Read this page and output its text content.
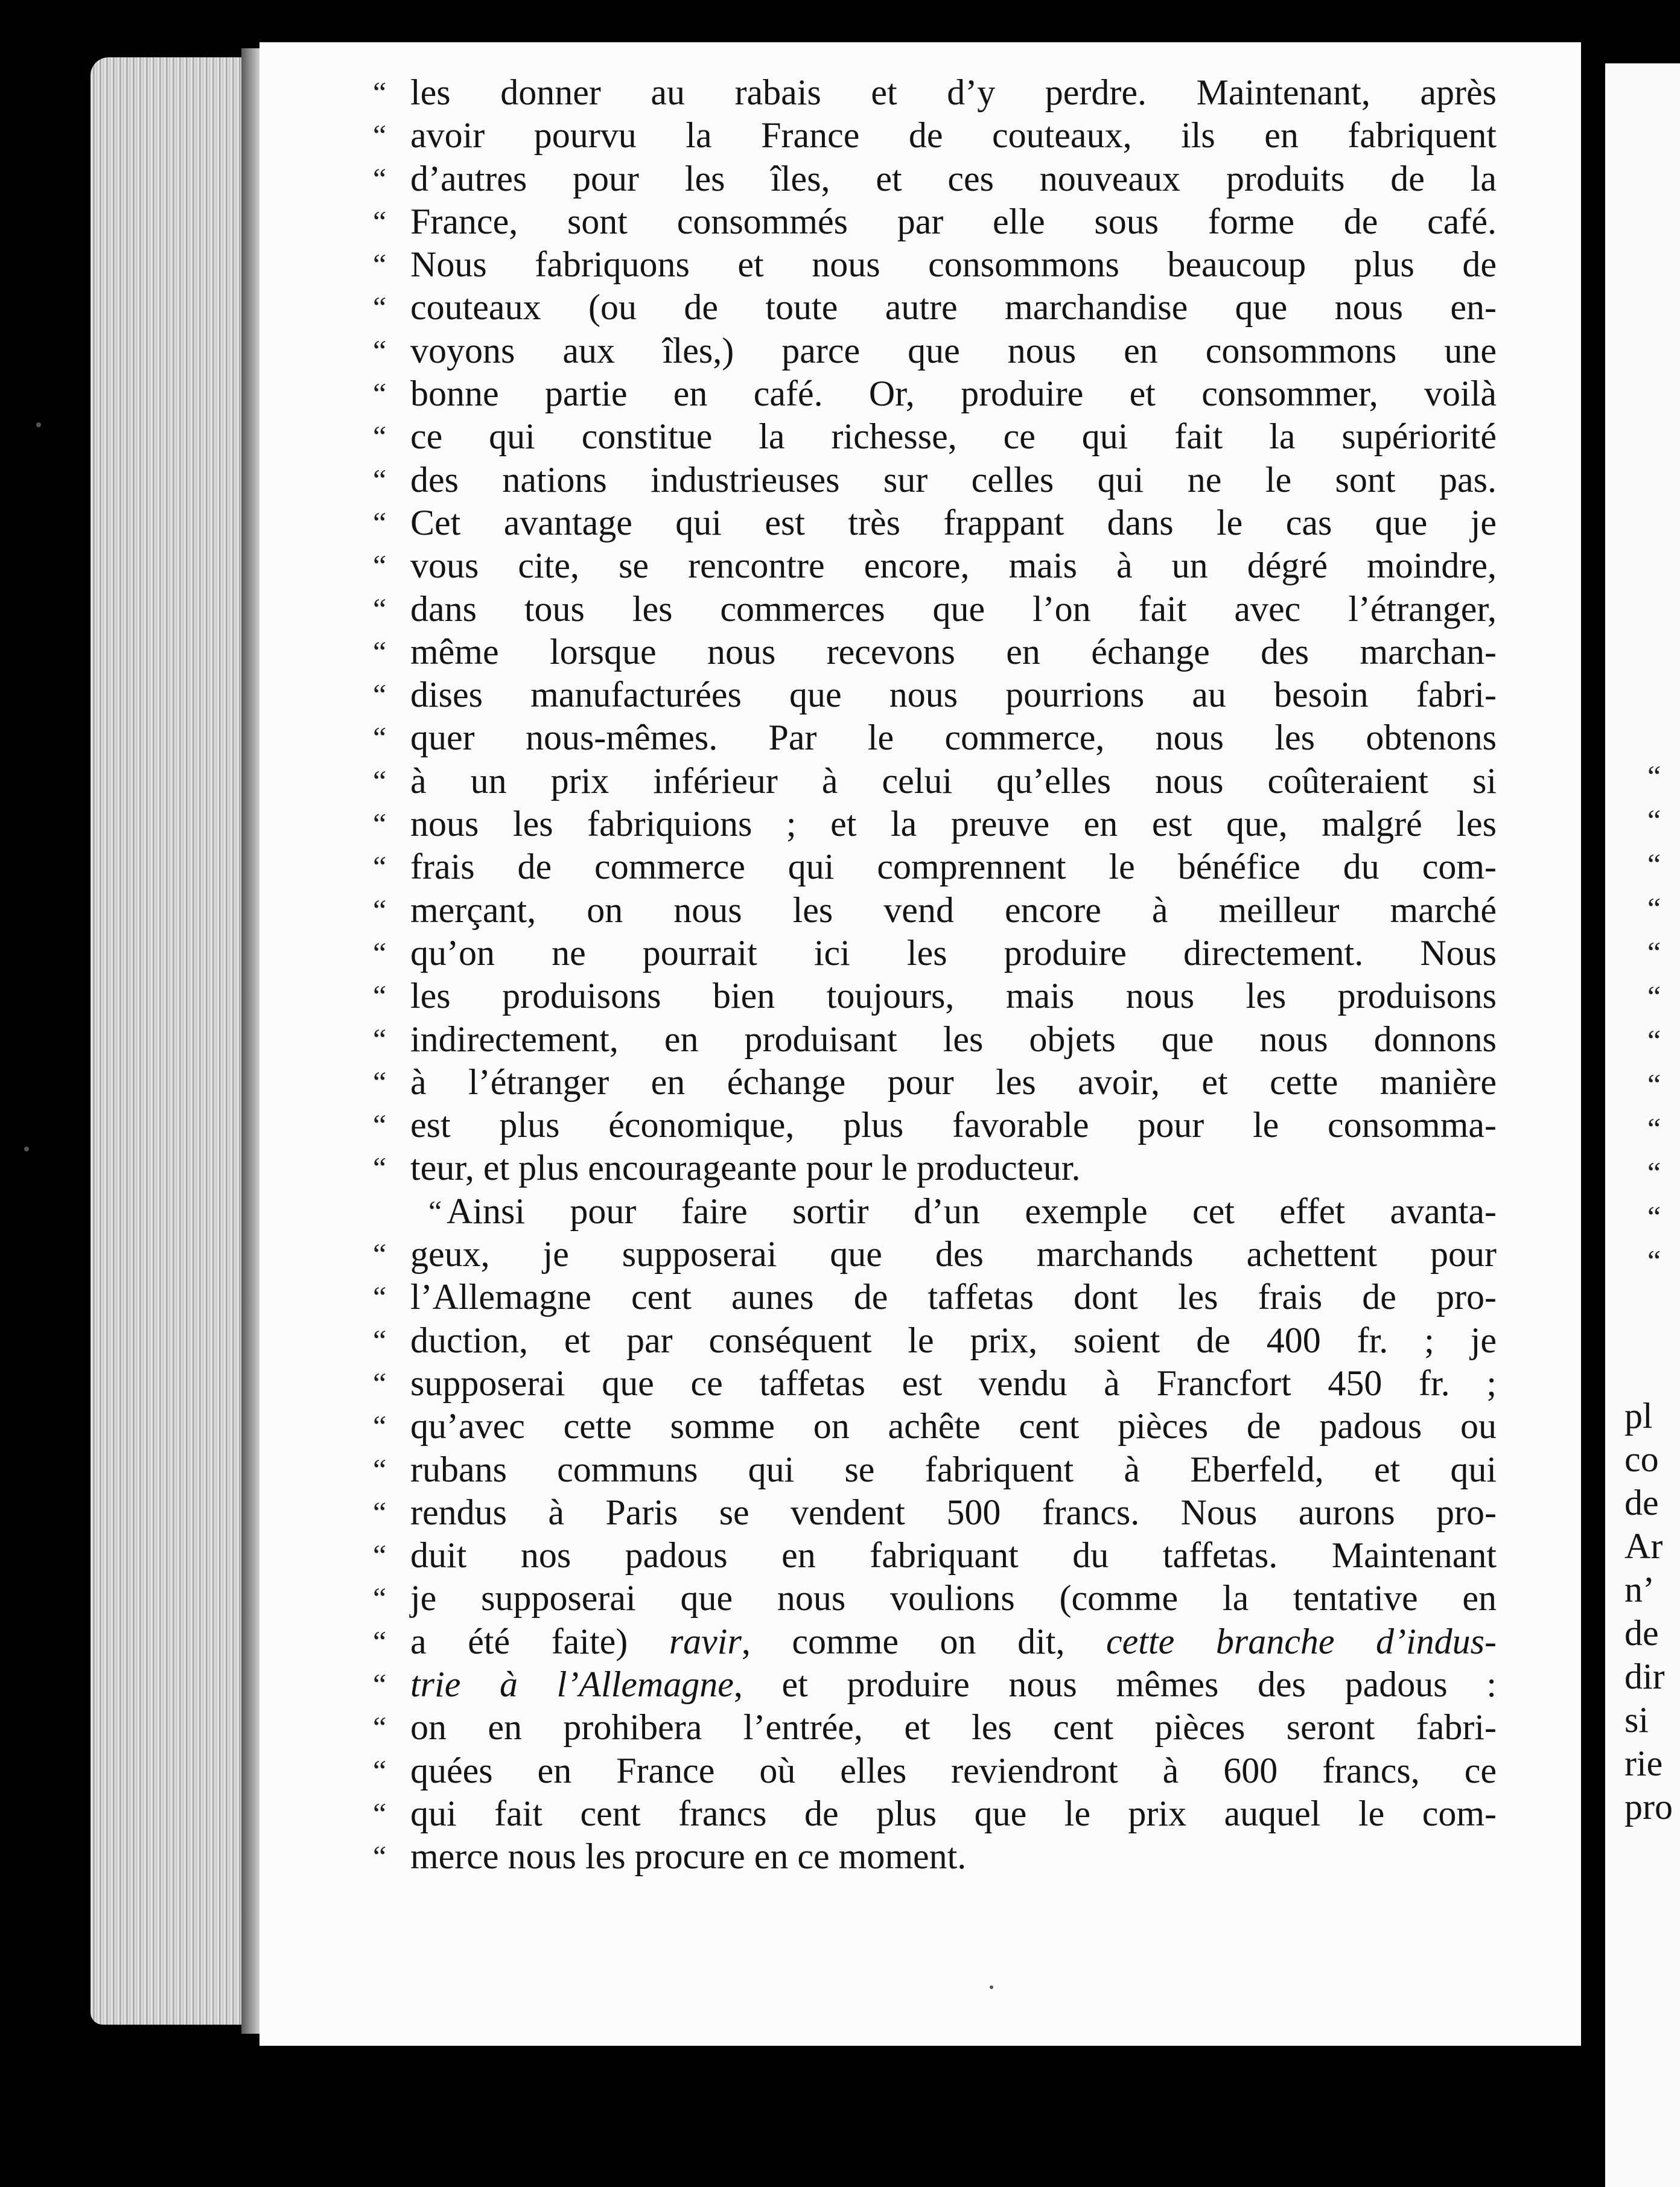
“ les donner au rabais et d’y perdre. Maintenant, après
“ avoir pourvu la France de couteaux, ils en fabriquent
“ d’autres pour les îles, et ces nouveaux produits de la
“ France, sont consommés par elle sous forme de café.
“ Nous fabriquons et nous consommons beaucoup plus de
“ couteaux (ou de toute autre marchandise que nous en-
“ voyons aux îles,) parce que nous en consommons une
“ bonne partie en café. Or, produire et consommer, voilà
“ ce qui constitue la richesse, ce qui fait la supériorité
“ des nations industrieuses sur celles qui ne le sont pas.
“ Cet avantage qui est très frappant dans le cas que je
“ vous cite, se rencontre encore, mais à un dégré moindre,
“ dans tous les commerces que l’on fait avec l’étranger,
“ même lorsque nous recevons en échange des marchan-
“ dises manufacturées que nous pourrions au besoin fabri-
“ quer nous-mêmes. Par le commerce, nous les obtenons
“ à un prix inférieur à celui qu’elles nous coûteraient si
“ nous les fabriquions ; et la preuve en est que, malgré les
“ frais de commerce qui comprennent le bénéfice du com-
“ merçant, on nous les vend encore à meilleur marché
“ qu’on ne pourrait ici les produire directement. Nous
“ les produisons bien toujours, mais nous les produisons
“ indirectement, en produisant les objets que nous donnons
“ à l’étranger en échange pour les avoir, et cette manière
“ est plus économique, plus favorable pour le consomma-
“ teur, et plus encourageante pour le producteur.
“ Ainsi pour faire sortir d’un exemple cet effet avanta-
“ geux, je supposerai que des marchands achettent pour
“ l’Allemagne cent aunes de taffetas dont les frais de pro-
“ duction, et par conséquent le prix, soient de 400 fr. ; je
“ supposerai que ce taffetas est vendu à Francfort 450 fr. ;
“ qu’avec cette somme on achête cent pièces de padous ou
“ rubans communs qui se fabriquent à Eberfeld, et qui
“ rendus à Paris se vendent 500 francs. Nous aurons pro-
“ duit nos padous en fabriquant du taffetas. Maintenant
“ je supposerai que nous voulions (comme la tentative en
“ a été faite) ravir, comme on dit, cette branche d’indus-
“ trie à l’Allemagne, et produire nous mêmes des padous :
“ on en prohibera l’entrée, et les cent pièces seront fabri-
“ quées en France où elles reviendront à 600 francs, ce
“ qui fait cent francs de plus que le prix auquel le com-
“ merce nous les procure en ce moment.
“
“
“
“
“
“
“
“
“
“
“
“
pl
co
de
Ar
n’
de
dir
si
rie
pro
